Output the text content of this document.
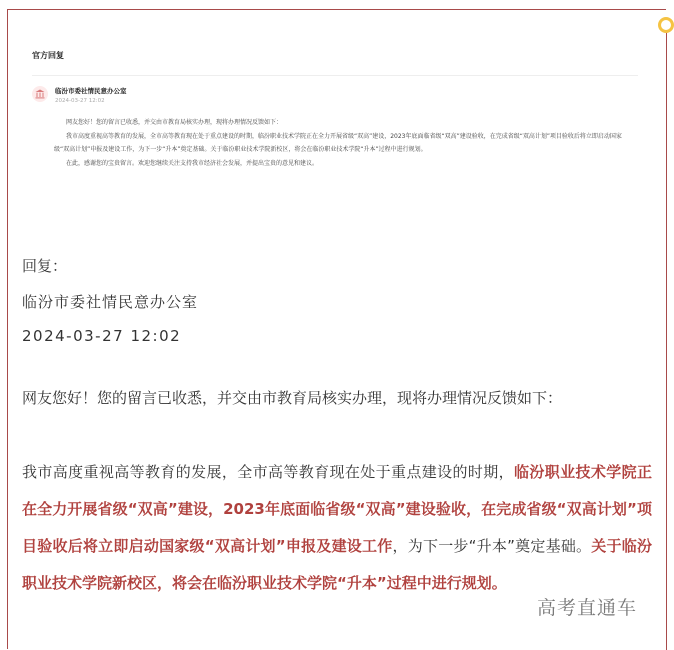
官方回复
临汾市委社情民意办公室
2024-03-27 12:02

网友您好！您的留言已收悉，并交由市教育局核实办理，现将办理情况反馈如下：

我市高度重视高等教育的发展，全市高等教育现在处于重点建设的时期，临汾职业技术学院正在全力开展省级“双高”建设，2023年底面临省级“双高”建设验收，在完成省级“双高计划”项目验收后将立即启动国家级“双高计划”申报及建设工作，为下一步“升本”奠定基础。关于临汾职业技术学院新校区，将会在临汾职业技术学院“升本”过程中进行规划。

在此，感谢您的宝贵留言。欢迎您继续关注支持我市经济社会发展，并提出宝贵的意见和建议。

回复：
临汾市委社情民意办公室
2024-03-27 12:02
网友您好！您的留言已收悉，并交由市教育局核实办理，现将办理情况反馈如下：
我市高度重视高等教育的发展，全市高等教育现在处于重点建设的时期，临汾职业技术学院正在全力开展省级“双高”建设，2023年底面临省级“双高”建设验收，在完成省级“双高计划”项目验收后将立即启动国家级“双高计划”申报及建设工作，为下一步“升本”奠定基础。关于临汾职业技术学院新校区，将会在临汾职业技术学院“升本”过程中进行规划。
高考直通车
